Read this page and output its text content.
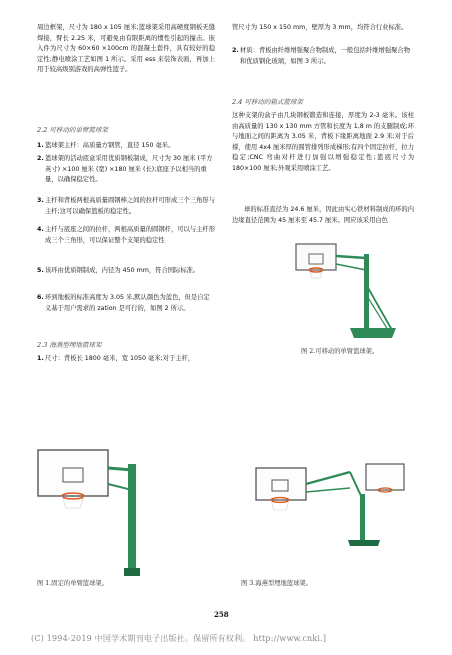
周边框架，尺寸为 180 x 105 厘米;篮球架采用高硬度钢板无缝焊接，臂长 2.25 米，可避免由有限距离的惯性引起的撞击。嵌入件为尺寸为 60×60 ×100cm 的混凝土套件，具有较好的稳定性;静电喷涂工艺如图 1 所示。采用 ess 来装饰表面，再加上用于较高级别游戏的高弹性篮子。

2.2 可移动的单臂篮球架
1. 篮球架主杆：高质量方钢管，直径 150 毫米。
2. 篮球架的活动底盒采用优质钢板制成，尺寸为 30 厘米 (平方英寸) ×100 厘米 (宽) ×180 厘米 (长);底座予以相当的重量，以确保稳定性。
3. 主杆和背板两根高质量圆钢棒之间的拉杆可形成三个三角形与主杆;这可以确保篮板的稳定性。
4. 主杆与底座之间的拉杆，两根高质量的圆钢杆，可以与主杆形成三个三角形，可以保证整个支架的稳定性
5. 该环由优质钢制成，内径为 450 mm，符合国际标准。
6. 环到地板的标准高度为 3.05 米,默认颜色为蓝色，但是自定义基于用户需求的 zation 是可行的，如图 2 所示。
2.3 海燕型埋地篮球架
1. 尺寸：背板长 1800 毫米，宽 1050 毫米;对于主杆，

管尺寸为 150 x 150 mm，壁厚为 3 mm，均符合行业标准。

2. 材质：背板由纤维增强聚合物制成，一般包括纤维增强聚合物和优质钢化玻璃，如图 3 所示。
2.4 可移动的箱式篮球架

这种支架的盒子由几块钢板锻造和连接，厚度为 2-3 毫米。该柱由高质量的 130 x 130 mm 方管和长度为 1,8 m 的支腿制成;环与地面之间的距离为 3.05 米，背板下缘距离地面 2.9 米;对于后撑，使用 4x4 厘米厚的圆管排列形成梯形;有四个固定拉杆，拉力稳定;CNC 弯曲对杆进行加强以增强稳定性;篮底尺寸为 180×100 厘米;外观采用喷涂工艺。

球的标准直径为 24.6 厘米，因此由实心铁材料制成的环的内边缘直径范围为 45 厘米至 45.7 厘米。网应该采用白色

图 2.可移动的单臂篮球架。
图 1.固定的单臂篮球架。	图 3.海燕型埋地篮球架。
258
(C) 1994-2019 中国学术期刊电子出版社。保留所有权利。 http://www.cnki.]
